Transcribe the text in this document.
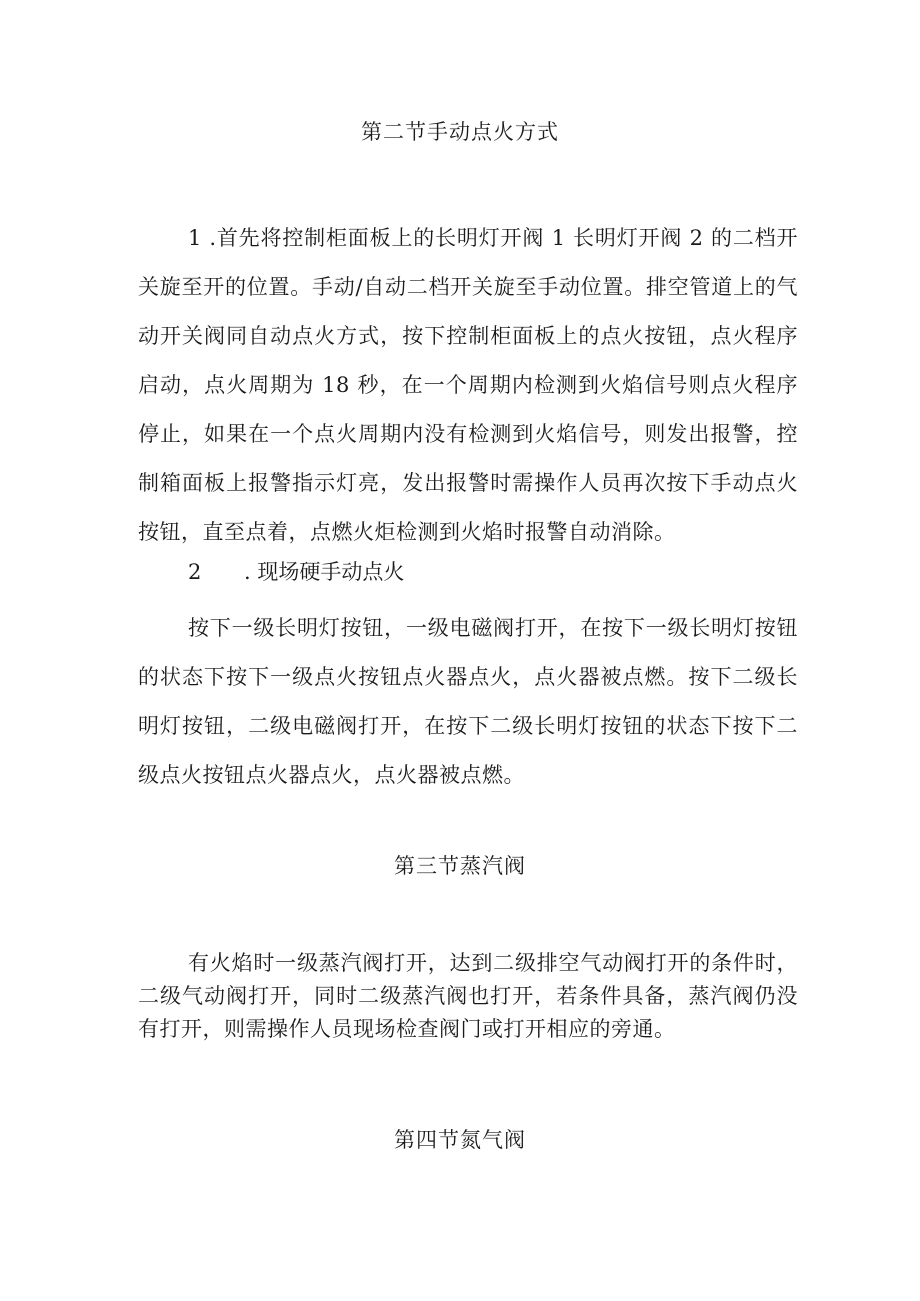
第二节手动点火方式

1 .首先将控制柜面板上的长明灯开阀 1 长明灯开阀 2 的二档开关旋至开的位置。手动/自动二档开关旋至手动位置。排空管道上的气动开关阀同自动点火方式，按下控制柜面板上的点火按钮，点火程序启动，点火周期为 18 秒，在一个周期内检测到火焰信号则点火程序停止，如果在一个点火周期内没有检测到火焰信号，则发出报警，控制箱面板上报警指示灯亮，发出报警时需操作人员再次按下手动点火按钮，直至点着，点燃火炬检测到火焰时报警自动消除。

2 . 现场硬手动点火

按下一级长明灯按钮，一级电磁阀打开，在按下一级长明灯按钮的状态下按下一级点火按钮点火器点火，点火器被点燃。按下二级长明灯按钮，二级电磁阀打开，在按下二级长明灯按钮的状态下按下二级点火按钮点火器点火，点火器被点燃。

第三节蒸汽阀

有火焰时一级蒸汽阀打开，达到二级排空气动阀打开的条件时，二级气动阀打开，同时二级蒸汽阀也打开，若条件具备，蒸汽阀仍没有打开，则需操作人员现场检查阀门或打开相应的旁通。

第四节氮气阀
